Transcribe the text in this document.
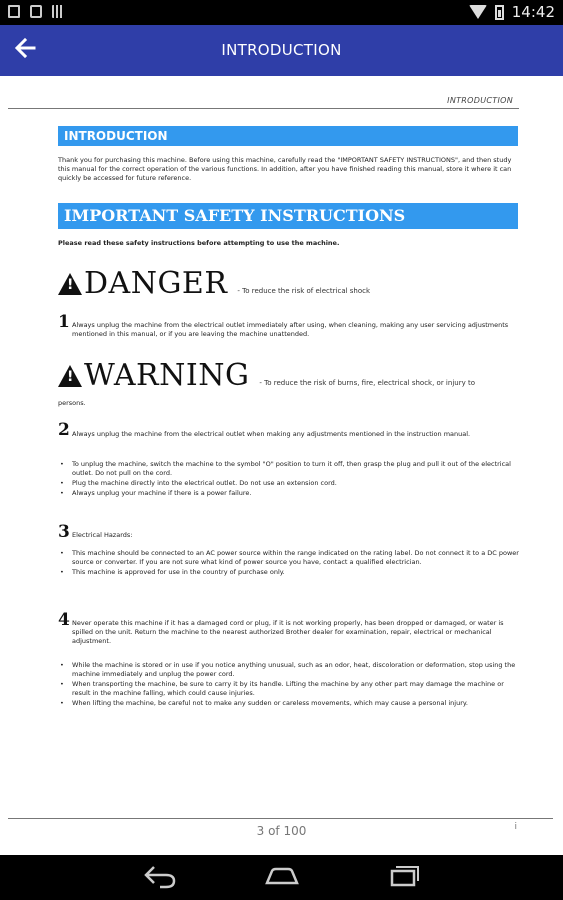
14:42
INTRODUCTION
INTRODUCTION
INTRODUCTION
Thank you for purchasing this machine. Before using this machine, carefully read the "IMPORTANT SAFETY INSTRUCTIONS", and then study this manual for the correct operation of the various functions. In addition, after you have finished reading this manual, store it where it can quickly be accessed for future reference.
IMPORTANT SAFETY INSTRUCTIONS
Please read these safety instructions before attempting to use the machine.
!
DANGER - To reduce the risk of electrical shock
1 Always unplug the machine from the electrical outlet immediately after using, when cleaning, making any user servicing adjustments mentioned in this manual, or if you are leaving the machine unattended.
!
WARNING - To reduce the risk of burns, fire, electrical shock, or injury to
persons.
2 Always unplug the machine from the electrical outlet when making any adjustments mentioned in the instruction manual.
• To unplug the machine, switch the machine to the symbol "O" position to turn it off, then grasp the plug and pull it out of the electrical outlet. Do not pull on the cord.
• Plug the machine directly into the electrical outlet. Do not use an extension cord.
• Always unplug your machine if there is a power failure.
3 Electrical Hazards:
• This machine should be connected to an AC power source within the range indicated on the rating label. Do not connect it to a DC power source or converter. If you are not sure what kind of power source you have, contact a qualified electrician.
• This machine is approved for use in the country of purchase only.
4 Never operate this machine if it has a damaged cord or plug, if it is not working properly, has been dropped or damaged, or water is spilled on the unit. Return the machine to the nearest authorized Brother dealer for examination, repair, electrical or mechanical adjustment.
• While the machine is stored or in use if you notice anything unusual, such as an odor, heat, discoloration or deformation, stop using the machine immediately and unplug the power cord.
• When transporting the machine, be sure to carry it by its handle. Lifting the machine by any other part may damage the machine or result in the machine falling, which could cause injuries.
• When lifting the machine, be careful not to make any sudden or careless movements, which may cause a personal injury.
3 of 100	i
